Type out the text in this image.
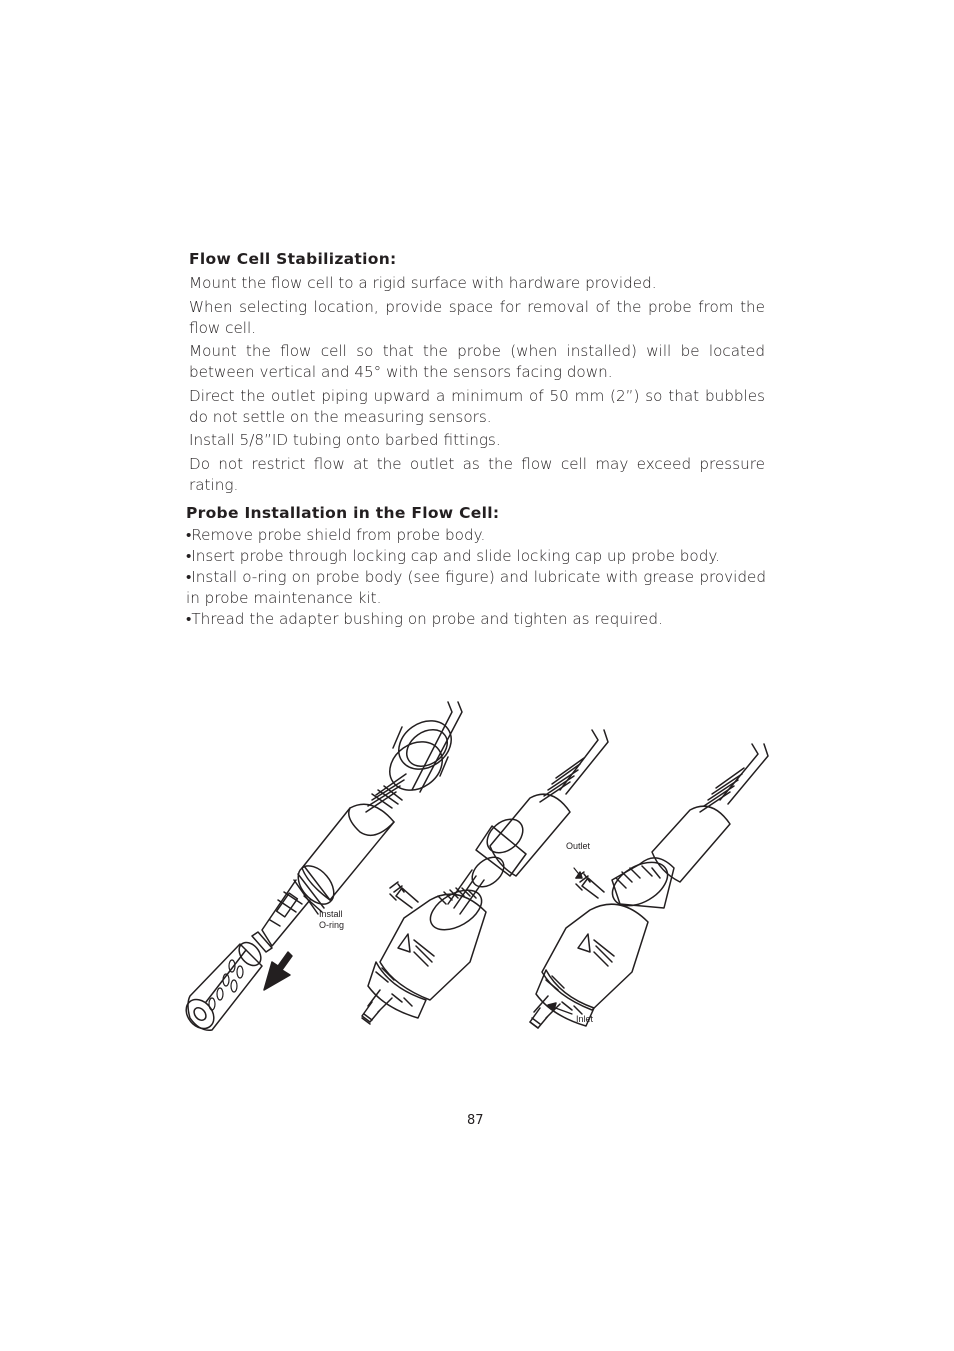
Flow Cell Stabilization:

Mount the flow cell to a rigid surface with hardware provided.

When selecting location, provide space for removal of the probe from the flow cell.

Mount the flow cell so that the probe (when installed) will be located between vertical and 45° with the sensors facing down.

Direct the outlet piping upward a minimum of 50 mm (2”) so that bubbles do not settle on the measuring sensors.

Install 5/8”ID tubing onto barbed fittings.

Do not restrict flow at the outlet as the flow cell may exceed pressure rating.

Probe Installation in the Flow Cell:

•Remove probe shield from probe body.

•Insert probe through locking cap and slide locking cap up probe body.

•Install o-ring on probe body (see figure) and lubricate with grease provided in probe maintenance kit.

•Thread the adapter bushing on probe and tighten as required.

Install
O-ring
Outlet
Inlet
87
